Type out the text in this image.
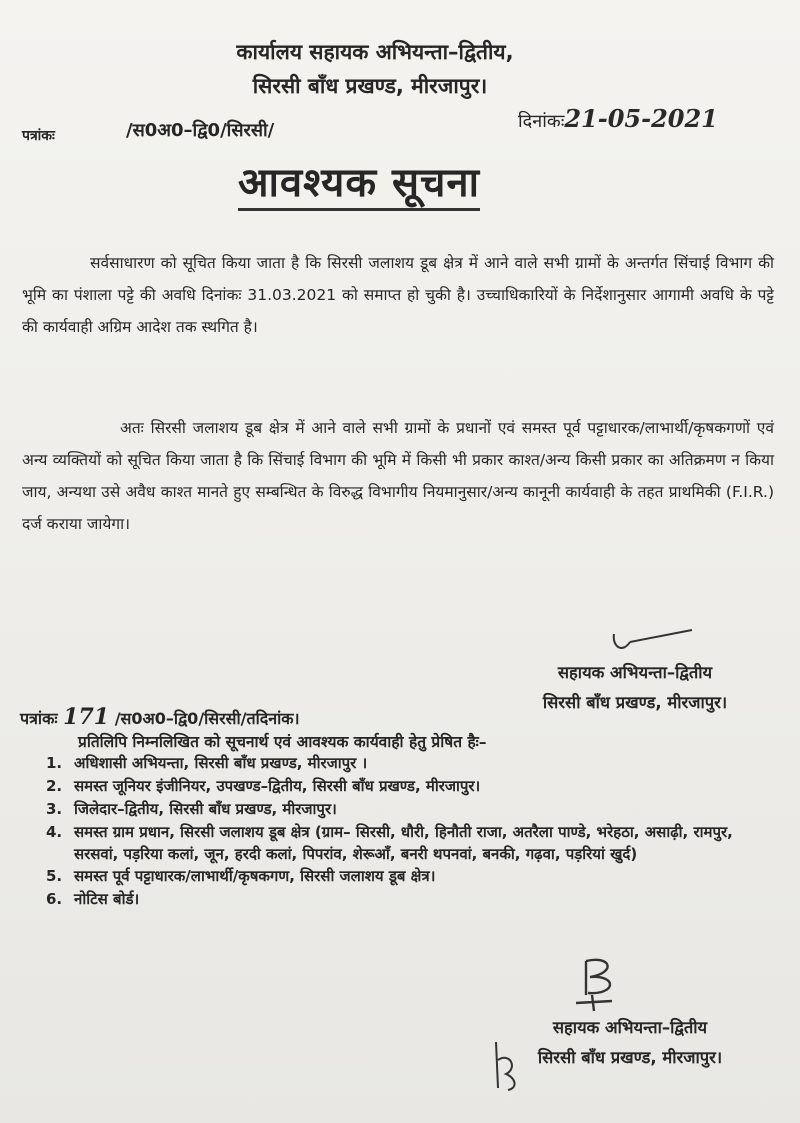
कार्यालय सहायक अभियन्ता–द्वितीय,
सिरसी बाँध प्रखण्ड, मीरजापुर।
पत्रांकः	/स0अ0–द्वि0/सिरसी/	दिनांकः21-05-2021
आवश्यक सूचना
सर्वसाधारण को सूचित किया जाता है कि सिरसी जलाशय डूब क्षेत्र में आने वाले सभी ग्रामों के अन्तर्गत सिंचाई विभाग की भूमि का पंशाला पट्टे की अवधि दिनांकः 31.03.2021 को समाप्त हो चुकी है। उच्चाधिकारियों के निर्देशानुसार आगामी अवधि के पट्टे की कार्यवाही अग्रिम आदेश तक स्थगित है।
अतः सिरसी जलाशय डूब क्षेत्र में आने वाले सभी ग्रामों के प्रधानों एवं समस्त पूर्व पट्टाधारक/लाभार्थी/कृषकगणों एवं अन्य व्यक्तियों को सूचित किया जाता है कि सिंचाई विभाग की भूमि में किसी भी प्रकार काश्त/अन्य किसी प्रकार का अतिक्रमण न किया जाय, अन्यथा उसे अवैध काश्त मानते हुए सम्बन्धित के विरुद्ध विभागीय नियमानुसार/अन्य कानूनी कार्यवाही के तहत प्राथमिकी (F.I.R.) दर्ज कराया जायेगा।
सहायक अभियन्ता–द्वितीय
सिरसी बाँध प्रखण्ड, मीरजापुर।
पत्रांकः 171 /स0अ0–द्वि0/सिरसी/तदिनांक।
प्रतिलिपि निम्नलिखित को सूचनार्थ एवं आवश्यक कार्यवाही हेतु प्रेषित हैः–
1. अधिशासी अभियन्ता, सिरसी बाँध प्रखण्ड, मीरजापुर ।
2. समस्त जूनियर इंजीनियर, उपखण्ड–द्वितीय, सिरसी बाँध प्रखण्ड, मीरजापुर।
3. जिलेदार–द्वितीय, सिरसी बाँध प्रखण्ड, मीरजापुर।
4. समस्त ग्राम प्रधान, सिरसी जलाशय डूब क्षेत्र (ग्राम– सिरसी, धौरी, हिनौती राजा, अतरैला पाण्डे, भरेहठा, असाढ़ी, रामपुर, सरसवां, पड़रिया कलां, जून, हरदी कलां, पिपरांव, शेरूआँ, बनरी थपनवां, बनकी, गढ़वा, पड़रियां खुर्द)
5. समस्त पूर्व पट्टाधारक/लाभार्थी/कृषकगण, सिरसी जलाशय डूब क्षेत्र।
6. नोटिस बोर्ड।
सहायक अभियन्ता–द्वितीय
सिरसी बाँध प्रखण्ड, मीरजापुर।
